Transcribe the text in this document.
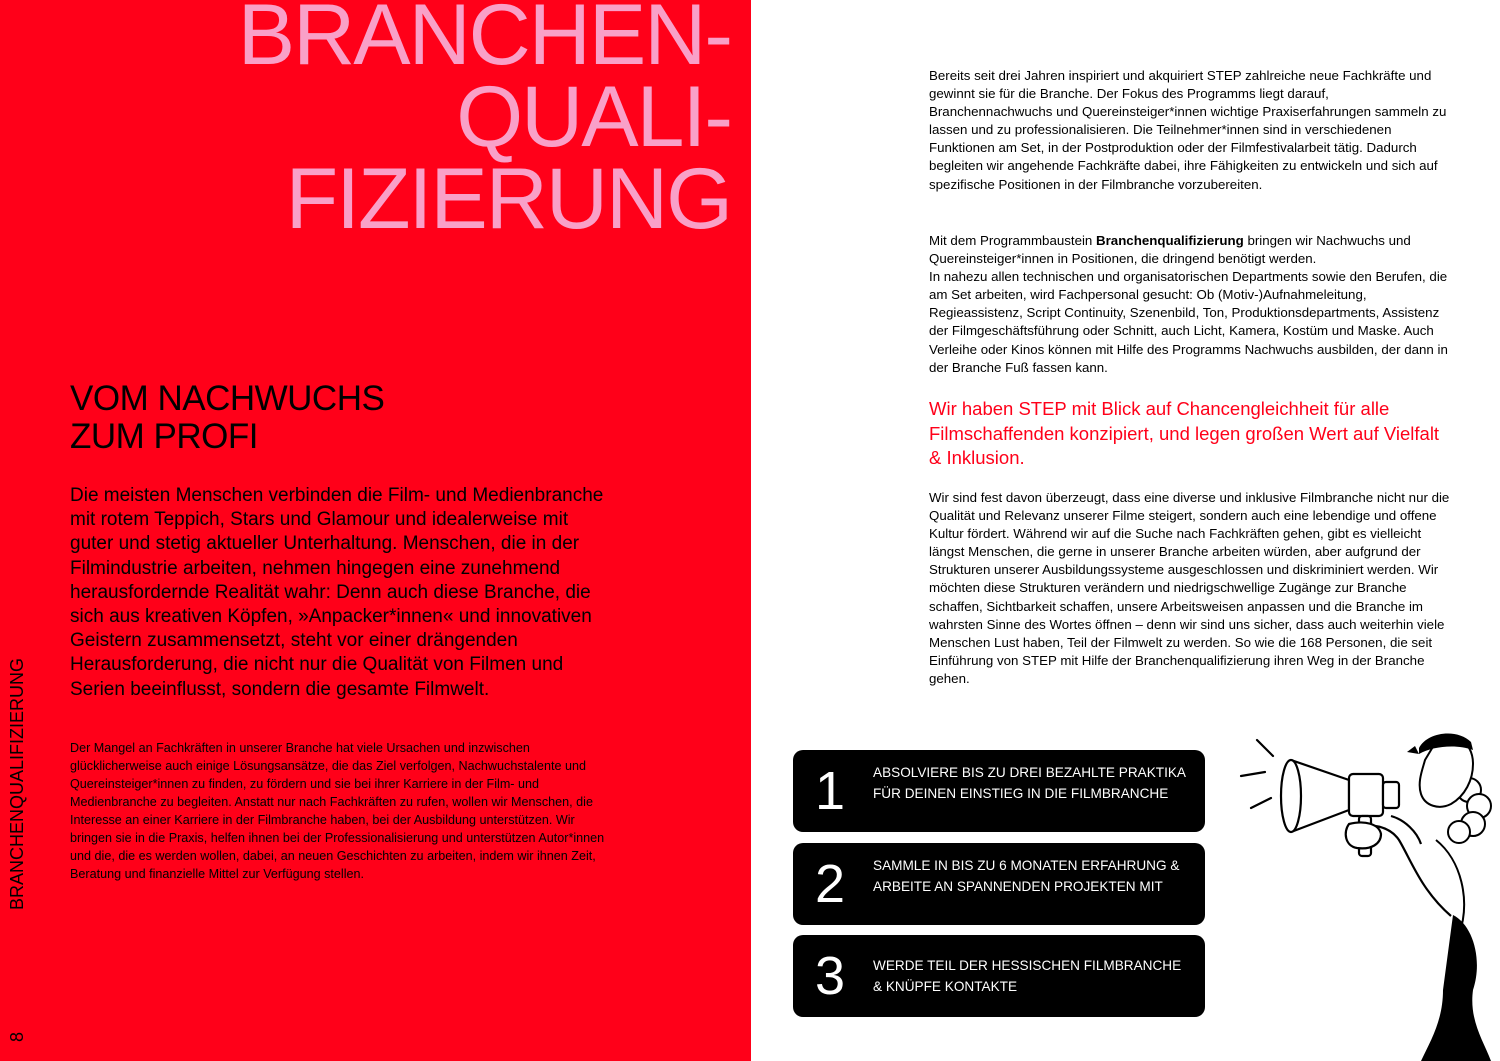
BRANCHEN-
QUALI-
FIZIERUNG
VOM NACHWUCHS
ZUM PROFI

Die meisten Menschen verbinden die Film- und Medienbranche mit rotem Teppich, Stars und Glamour und idealerweise mit guter und stetig aktueller Unterhaltung. Menschen, die in der Filmindustrie arbeiten, nehmen hingegen eine zunehmend herausfordernde Realität wahr: Denn auch diese Branche, die sich aus kreativen Köpfen, »Anpacker*innen« und innovativen Geistern zusammensetzt, steht vor einer drängenden Herausforderung, die nicht nur die Qualität von Filmen und Serien beeinflusst, sondern die gesamte Filmwelt.

Der Mangel an Fachkräften in unserer Branche hat viele Ursachen und inzwischen glücklicherweise auch einige Lösungsansätze, die das Ziel verfolgen, Nachwuchstalente und Quereinsteiger*innen zu finden, zu fördern und sie bei ihrer Karriere in der Film- und Medienbranche zu begleiten. Anstatt nur nach Fachkräften zu rufen, wollen wir Menschen, die Interesse an einer Karriere in der Filmbranche haben, bei der Ausbildung unterstützen. Wir bringen sie in die Praxis, helfen ihnen bei der Professionalisierung und unterstützen Autor*innen und die, die es werden wollen, dabei, an neuen Geschichten zu arbeiten, indem wir ihnen Zeit, Beratung und finanzielle Mittel zur Verfügung stellen.

BRANCHENQUALIFIZIERUNG
8

Bereits seit drei Jahren inspiriert und akquiriert STEP zahlreiche neue Fachkräfte und gewinnt sie für die Branche. Der Fokus des Programms liegt darauf, Branchennachwuchs und Quereinsteiger*innen wichtige Praxiserfahrungen sammeln zu lassen und zu professionalisieren. Die Teilnehmer*innen sind in verschiedenen Funktionen am Set, in der Postproduktion oder der Filmfestivalarbeit tätig. Dadurch begleiten wir angehende Fachkräfte dabei, ihre Fähigkeiten zu entwickeln und sich auf spezifische Positionen in der Filmbranche vorzubereiten.

Mit dem Programmbaustein Branchenqualifizierung bringen wir Nachwuchs und Quereinsteiger*innen in Positionen, die dringend benötigt werden.
In nahezu allen technischen und organisatorischen Departments sowie den Berufen, die am Set arbeiten, wird Fachpersonal gesucht: Ob (Motiv-)Aufnahmeleitung, Regieassistenz, Script Continuity, Szenenbild, Ton, Produktionsdepartments, Assistenz der Filmgeschäftsführung oder Schnitt, auch Licht, Kamera, Kostüm und Maske. Auch Verleihe oder Kinos können mit Hilfe des Programms Nachwuchs ausbilden, der dann in der Branche Fuß fassen kann.

Wir haben STEP mit Blick auf Chancengleichheit für alle Filmschaffenden konzipiert, und legen großen Wert auf Vielfalt & Inklusion.

Wir sind fest davon überzeugt, dass eine diverse und inklusive Filmbranche nicht nur die Qualität und Relevanz unserer Filme steigert, sondern auch eine lebendige und offene Kultur fördert. Während wir auf die Suche nach Fachkräften gehen, gibt es vielleicht längst Menschen, die gerne in unserer Branche arbeiten würden, aber aufgrund der Strukturen unserer Ausbildungssysteme ausgeschlossen und diskriminiert werden. Wir möchten diese Strukturen verändern und niedrigschwellige Zugänge zur Branche schaffen, Sichtbarkeit schaffen, unsere Arbeitsweisen anpassen und die Branche im wahrsten Sinne des Wortes öffnen – denn wir sind uns sicher, dass auch weiterhin viele Menschen Lust haben, Teil der Filmwelt zu werden. So wie die 168 Personen, die seit Einführung von STEP mit Hilfe der Branchenqualifizierung ihren Weg in der Branche gehen.

1 ABSOLVIERE BIS ZU DREI BEZAHLTE PRAKTIKA FÜR DEINEN EINSTIEG IN DIE FILMBRANCHE
2 SAMMLE IN BIS ZU 6 MONATEN ERFAHRUNG & ARBEITE AN SPANNENDEN PROJEKTEN MIT
3 WERDE TEIL DER HESSISCHEN FILMBRANCHE & KNÜPFE KONTAKTE
